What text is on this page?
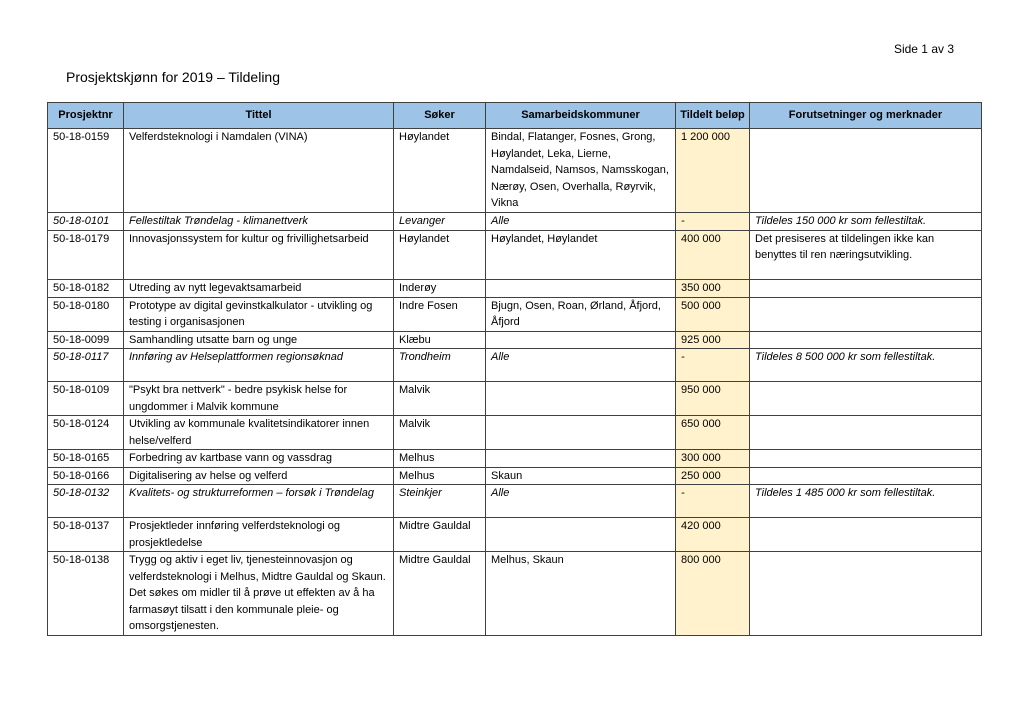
Side 1 av 3
Prosjektskjønn for 2019 – Tildeling
Prosjektnr	Tittel	Søker	Samarbeidskommuner	Tildelt beløp	Forutsetninger og merknader
50-18-0159	Velferdsteknologi i Namdalen (VINA)	Høylandet	Bindal, Flatanger, Fosnes, Grong, Høylandet, Leka, Lierne, Namdalseid, Namsos, Namsskogan, Nærøy, Osen, Overhalla, Røyrvik, Vikna	1 200 000	
50-18-0101	Fellestiltak Trøndelag - klimanettverk	Levanger	Alle	-	Tildeles 150 000 kr som fellestiltak.
50-18-0179	Innovasjonssystem for kultur og frivillighetsarbeid	Høylandet	Høylandet, Høylandet	400 000	Det presiseres at tildelingen ikke kan benyttes til ren næringsutvikling.
50-18-0182	Utreding av nytt legevaktsamarbeid	Inderøy		350 000	
50-18-0180	Prototype av digital gevinstkalkulator - utvikling og testing i organisasjonen	Indre Fosen	Bjugn, Osen, Roan, Ørland, Åfjord, Åfjord	500 000	
50-18-0099	Samhandling utsatte barn og unge	Klæbu		925 000	
50-18-0117	Innføring av Helseplattformen regionsøknad	Trondheim	Alle	-	Tildeles 8 500 000 kr som fellestiltak.
50-18-0109	"Psykt bra nettverk" - bedre psykisk helse for ungdommer i Malvik kommune	Malvik		950 000	
50-18-0124	Utvikling av kommunale kvalitetsindikatorer innen helse/velferd	Malvik		650 000	
50-18-0165	Forbedring av kartbase vann og vassdrag	Melhus		300 000	
50-18-0166	Digitalisering av helse og velferd	Melhus	Skaun	250 000	
50-18-0132	Kvalitets- og strukturreformen – forsøk i Trøndelag	Steinkjer	Alle	-	Tildeles 1 485 000 kr som fellestiltak.
50-18-0137	Prosjektleder innføring velferdsteknologi og prosjektledelse	Midtre Gauldal		420 000	
50-18-0138	Trygg og aktiv i eget liv, tjenesteinnovasjon og velferdsteknologi i Melhus, Midtre Gauldal og Skaun. Det søkes om midler til å prøve ut effekten av å ha farmasøyt tilsatt i den kommunale pleie- og omsorgstjenesten.	Midtre Gauldal	Melhus, Skaun	800 000	
